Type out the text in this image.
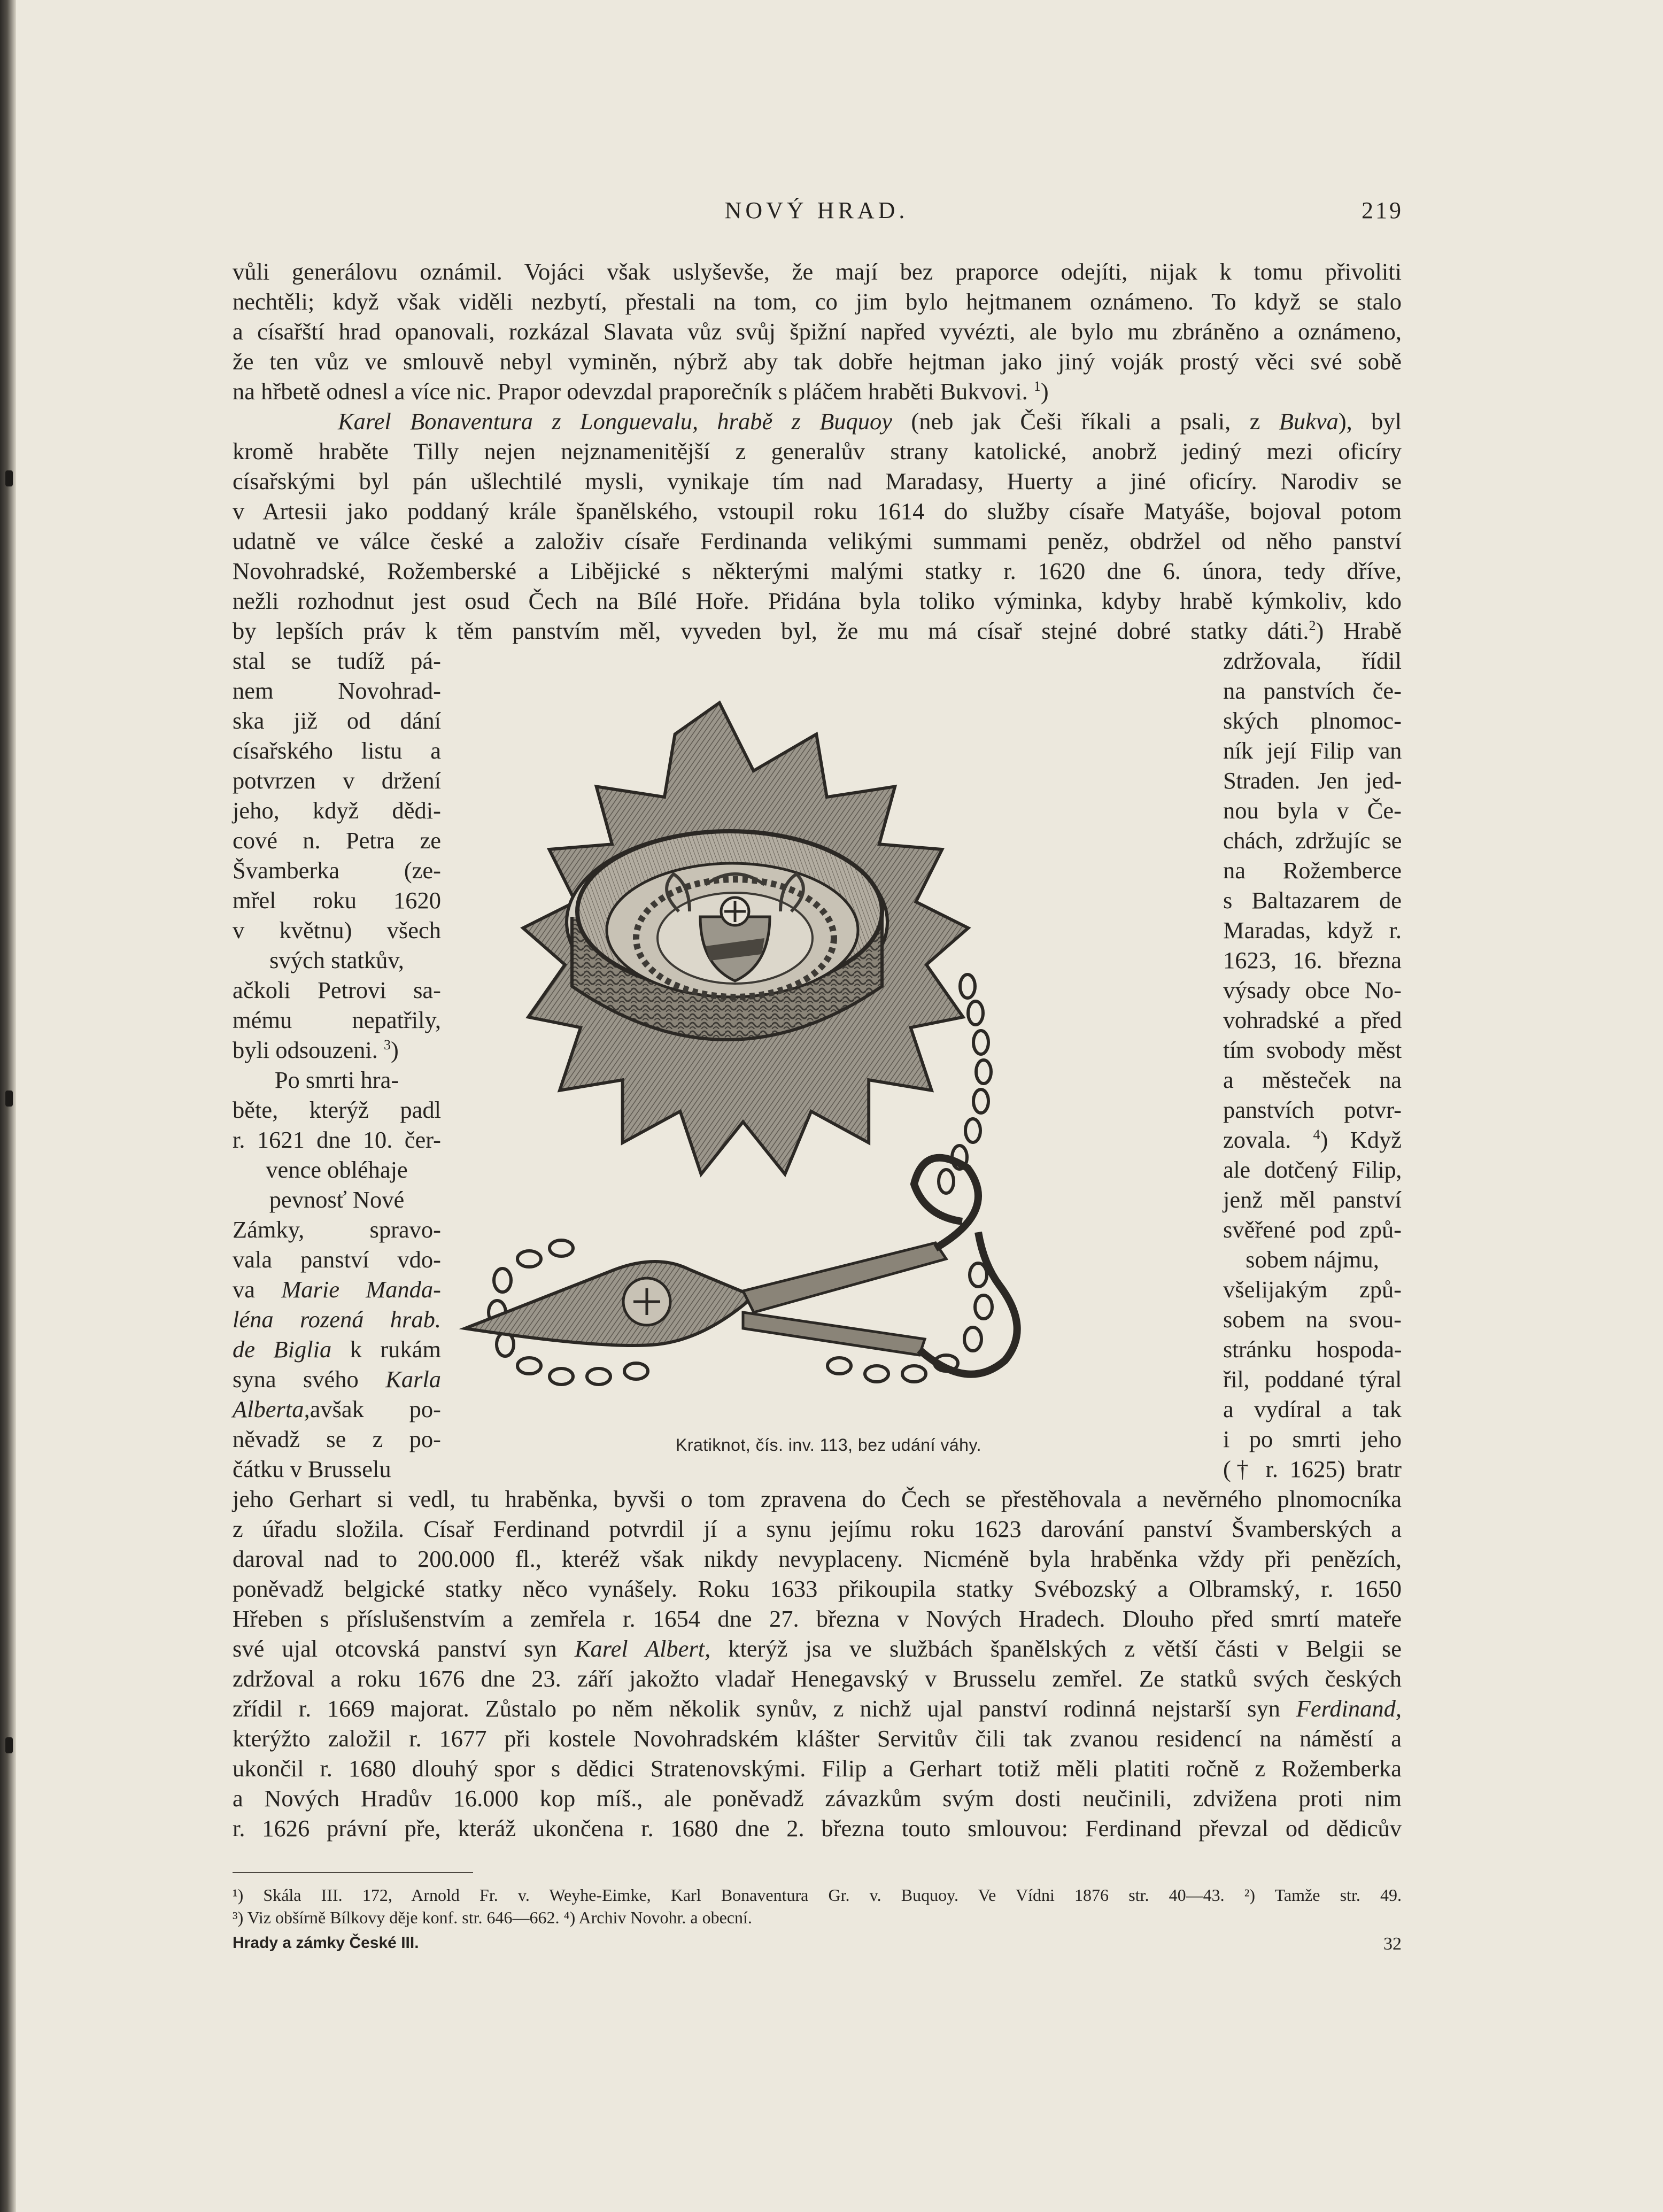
NOVÝ HRAD.	219
vůli generálovu oznámil. Vojáci však uslyševše, že mají bez praporce odejíti, nijak k tomu přivoliti
nechtěli; když však viděli nezbytí, přestali na tom, co jim bylo hejtmanem oznámeno. To když se stalo
a císařští hrad opanovali, rozkázal Slavata vůz svůj špižní napřed vyvézti, ale bylo mu zbráněno a oznámeno,
že ten vůz ve smlouvě nebyl vyminěn, nýbrž aby tak dobře hejtman jako jiný voják prostý věci své sobě
na hřbetě odnesl a více nic. Prapor odevzdal praporečník s pláčem hraběti Bukvovi. $^1$)
Karel Bonaventura z Longuevalu, hrabě z Buquoy (neb jak Češi říkali a psali, z Bukva), byl
kromě hraběte Tilly nejen nejznamenitější z generalův strany katolické, anobrž jediný mezi oficíry
císařskými byl pán ušlechtilé mysli, vynikaje tím nad Maradasy, Huerty a jiné oficíry. Narodiv se
v Artesii jako poddaný krále španělského, vstoupil roku 1614 do služby císaře Matyáše, bojoval potom
udatně ve válce české a založiv císaře Ferdinanda velikými summami peněz, obdržel od něho panství
Novohradské, Rožemberské a Libějické s některými malými statky r. 1620 dne 6. února, tedy dříve,
nežli rozhodnut jest osud Čech na Bílé Hoře. Přidána byla toliko výminka, kdyby hrabě kýmkoliv, kdo
by lepších práv k těm panstvím měl, vyveden byl, že mu má císař stejné dobré statky dáti.$^2$) Hrabě
stal se tudíž pá-
nem Novohrad-
ska již od dání
císařského listu a
potvrzen v držení
jeho, když dědi-
cové n. Petra ze
Švamberka (ze-
mřel roku 1620
v květnu) všech
svých statkův,
ačkoli Petrovi sa-
mému nepatřily,
byli odsouzeni. $^3$)
Po smrti hra-
běte, kterýž padl
r. 1621 dne 10. čer-
vence obléhaje
pevnosť Nové
Zámky, spravo-
vala panství vdo-
va Marie Manda-
léna rozená hrab.
de Biglia k rukám
syna svého Karla
Alberta,avšak po-
něvadž se z po-
čátku v Brusselu
zdržovala, řídil
na panstvích če-
ských plnomoc-
ník její Filip van
Straden. Jen jed-
nou byla v Če-
chách, zdržujíc se
na Rožemberce
s Baltazarem de
Maradas, když r.
1623, 16. března
výsady obce No-
vohradské a před
tím svobody měst
a městeček na
panstvích potvr-
zovala. $^4$) Když
ale dotčený Filip,
jenž měl panství
svěřené pod způ-
sobem nájmu,
všelijakým způ-
sobem na svou-
stránku hospoda-
řil, poddané týral
a vydíral a tak
i po smrti jeho
(† r. 1625) bratr
Kratiknot, čís. inv. 113, bez udání váhy.
jeho Gerhart si vedl, tu hraběnka, byvši o tom zpravena do Čech se přestěhovala a nevěrného plnomocníka
z úřadu složila. Císař Ferdinand potvrdil jí a synu jejímu roku 1623 darování panství Švamberských a
daroval nad to 200.000 fl., kteréž však nikdy nevyplaceny. Nicméně byla hraběnka vždy při penězích,
poněvadž belgické statky něco vynášely. Roku 1633 přikoupila statky Svébozský a Olbramský, r. 1650
Hřeben s příslušenstvím a zemřela r. 1654 dne 27. března v Nových Hradech. Dlouho před smrtí mateře
své ujal otcovská panství syn Karel Albert, kterýž jsa ve službách španělských z větší části v Belgii se
zdržoval a roku 1676 dne 23. září jakožto vladař Henegavský v Brusselu zemřel. Ze statků svých českých
zřídil r. 1669 majorat. Zůstalo po něm několik synův, z nichž ujal panství rodinná nejstarší syn Ferdinand,
kterýžto založil r. 1677 při kostele Novohradském klášter Servitův čili tak zvanou residencí na náměstí a
ukončil r. 1680 dlouhý spor s dědici Stratenovskými. Filip a Gerhart totiž měli platiti ročně z Rožemberka
a Nových Hradův 16.000 kop míš., ale poněvadž závazkům svým dosti neučinili, zdvižena proti nim
r. 1626 právní pře, kteráž ukončena r. 1680 dne 2. března touto smlouvou: Ferdinand převzal od dědicův
¹) Skála III. 172, Arnold Fr. v. Weyhe-Eimke, Karl Bonaventura Gr. v. Buquoy. Ve Vídni 1876 str. 40—43. ²) Tamže str. 49.
³) Viz obšírně Bílkovy děje konf. str. 646—662. ⁴) Archiv Novohr. a obecní.
Hrady a zámky České III.	32
